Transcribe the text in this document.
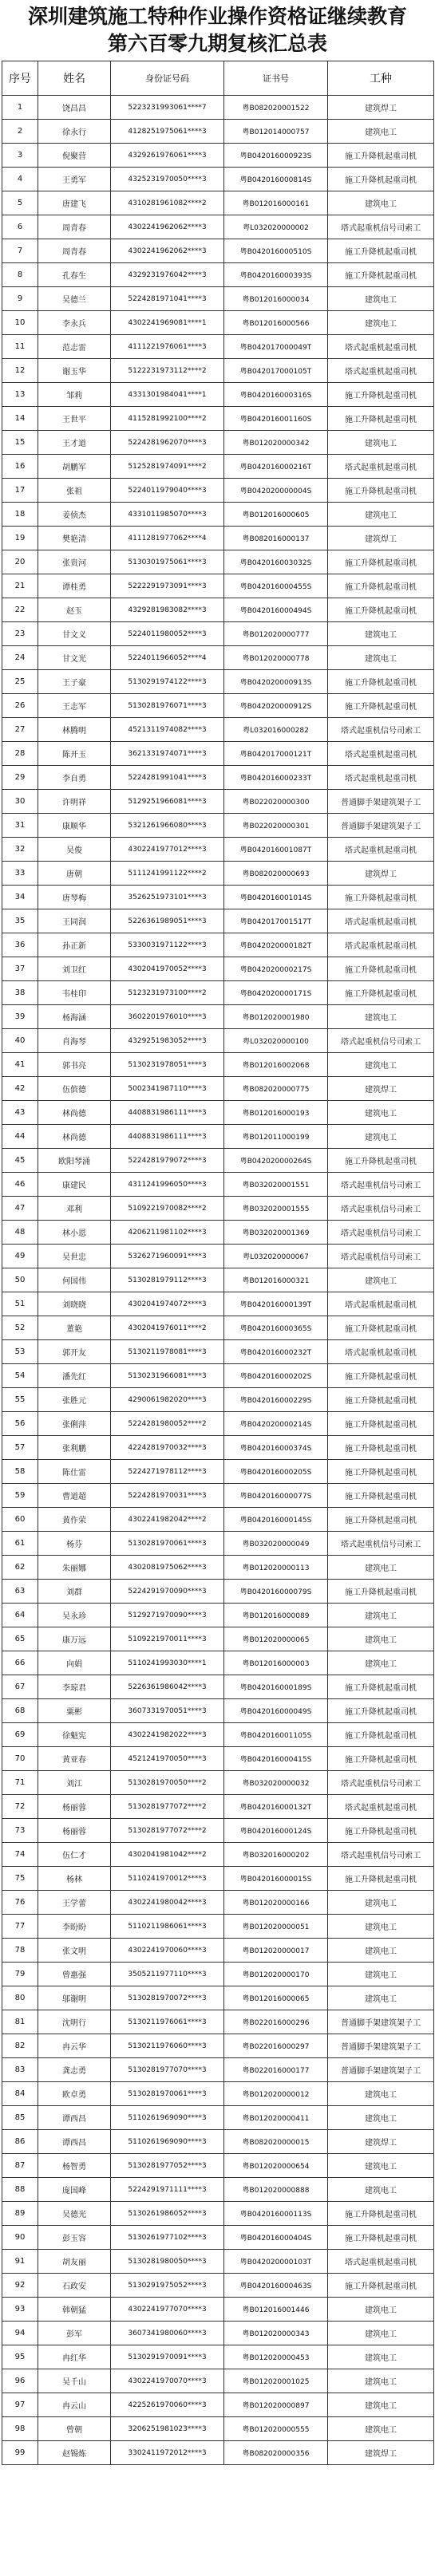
深圳建筑施工特种作业操作资格证继续教育
第六百零九期复核汇总表
序号	姓名	身份证号码	证书号	工种
1	饶昌昌	5223231993061****7	粤B082020001522	建筑焊工
2	徐永行	4128251975061****3	粤B012014000757	建筑电工
3	倪聚营	4329261976061****3	粤B042016000923S	施工升降机起重司机
4	王勇军	4325231970050****3	粤B042016000814S	施工升降机起重司机
5	唐建飞	4310281961082****2	粤B012016000161	建筑电工
6	周青春	4302241962062****3	粤L032020000002	塔式起重机信号司索工
7	周青春	4302241962062****3	粤B042016000510S	施工升降机起重司机
8	孔春生	4329231976042****3	粤B042016000393S	施工升降机起重司机
9	吴德兰	5224281971041****3	粤B012016000034	建筑电工
10	李永兵	4302241969081****1	粤B012016000566	建筑电工
11	范志雷	4111221976061****3	粤B042017000049T	塔式起重机起重司机
12	谢玉华	5122231973112****2	粤B042017000105T	塔式起重机起重司机
13	邹莉	4331301984041****1	粤B042016000316S	施工升降机起重司机
14	王世平	4115281992100****2	粤B042016001160S	施工升降机起重司机
15	王才道	5224281962070****3	粤B012020000342	建筑电工
16	胡鹏军	5125281974091****2	粤B042016000216T	塔式起重机起重司机
17	张祖	5224011979040****3	粤B042020000004S	施工升降机起重司机
18	姜侦杰	4331011985070****3	粤B012016000605	建筑电工
19	樊艳清	4111281977062****4	粤B082016000137	建筑焊工
20	张贵河	5130301975061****3	粤B042016003032S	施工升降机起重司机
21	谭桂勇	5222291973091****3	粤B042016000455S	施工升降机起重司机
22	赵玉	4329281983082****3	粤B042016000494S	施工升降机起重司机
23	甘文义	5224011980052****3	粤B012020000777	建筑电工
24	甘文光	5224011966052****4	粤B012020000778	建筑电工
25	王子豪	5130291974122****3	粤B042020000913S	施工升降机起重司机
26	王志军	5130281976071****3	粤B042020000912S	施工升降机起重司机
27	林腾明	4521311974082****3	粤L032016000282	塔式起重机信号司索工
28	陈开玉	3621331974071****3	粤B042017000121T	塔式起重机起重司机
29	李自勇	5224281991041****3	粤B042016000233T	塔式起重机起重司机
30	许明祥	5129251966081****3	粤B022020000300	普通脚手架建筑架子工
31	康顺华	5321261966080****3	粤B022020000301	普通脚手架建筑架子工
32	吴俊	4302241977012****3	粤B042016001087T	塔式起重机起重司机
33	唐朝	5111241991122****2	粤B082020000693	建筑焊工
34	唐琴梅	3526251973101****3	粤B042016001014S	施工升降机起重司机
35	王同润	5226361989051****3	粤B042017001517T	塔式起重机起重司机
36	孙正新	5330031971122****3	粤B042020000182T	塔式起重机起重司机
37	刘卫红	4302041970052****3	粤B042020000217S	施工升降机起重司机
38	韦桂印	5123231973100****2	粤B042020000171S	施工升降机起重司机
39	杨海涵	3602201976010****3	粤B012020001980	建筑电工
40	肖海琴	4329251983052****3	粤L032020000100	塔式起重机信号司索工
41	郭书亮	5130231978051****3	粤B012016002068	建筑电工
42	伍傧德	5002341987110****3	粤B082020000775	建筑焊工
43	林尚德	4408831986111****3	粤B012016000193	建筑电工
44	林尚德	4408831986111****3	粤B012011000199	建筑电工
45	欧阳琴涌	5224281979072****3	粤B042020000264S	施工升降机起重司机
46	康建民	4311241996050****3	粤B032020001551	塔式起重机信号司索工
47	邓利	5109221970082****2	粤B032020001555	塔式起重机信号司索工
48	林小恩	4206211981102****3	粤B032020001369	塔式起重机信号司索工
49	吴世忠	5326271960091****3	粤L032020000067	塔式起重机信号司索工
50	何国伟	5130281979112****3	粤B012016000321	建筑电工
51	刘晓晓	4302041974072****3	粤B042016000139T	塔式起重机起重司机
52	董艳	4302041976011****2	粤B042016000365S	施工升降机起重司机
53	郭开友	5130211978081****3	粤B042016000232T	塔式起重机起重司机
54	潘先红	5130231966081****3	粤B042016000202S	施工升降机起重司机
55	张胜元	4290061982020****3	粤B042016000229S	施工升降机起重司机
56	张俐萍	5224281980052****2	粤B042020000214S	施工升降机起重司机
57	张利鹏	4224281970032****3	粤B042016000374S	施工升降机起重司机
58	陈仕雷	5224271978112****3	粤B042016000205S	施工升降机起重司机
59	曹道超	5224281970031****3	粤B042016000077S	施工升降机起重司机
60	黄作荣	4302241982042****2	粤B042016000145S	施工升降机起重司机
61	杨芬	5130281970061****3	粤B032020000049	塔式起重机信号司索工
62	朱丽娜	4302081975062****3	粤B012020000113	建筑电工
63	刘群	5224291970090****3	粤B042016000079S	施工升降机起重司机
64	吴永珍	5129271970090****3	粤B012016000089	建筑电工
65	康万远	5109221970011****3	粤B012020000065	建筑电工
66	向娟	5110241993030****1	粤B012016000003	建筑电工
67	李琼君	5226361986042****3	粤B042016000189S	施工升降机起重司机
68	粟彬	3607331970051****3	粤B042016000049S	施工升降机起重司机
69	徐魁宪	4302241982022****3	粤B042016001105S	施工升降机起重司机
70	黄亚春	4521241970050****3	粤B042016000415S	施工升降机起重司机
71	刘江	5130281970050****2	粤B032020000032	塔式起重机信号司索工
72	杨丽蓉	5130281977072****2	粤B042016000132T	塔式起重机起重司机
73	杨丽蓉	5130281977072****2	粤B042016000124S	施工升降机起重司机
74	伍仁才	4302041981042****2	粤B032016000202	塔式起重机信号司索工
75	杨林	5110241970012****3	粤B042016000015S	施工升降机起重司机
76	王学蕾	4302241980042****3	粤B012020000166	建筑电工
77	李盼盼	5110211986061****3	粤B012020000051	建筑电工
78	张文明	4302241970060****3	粤B012020000017	建筑电工
79	曾惠强	3505211977110****3	粤B012020000170	建筑电工
80	邬谢明	5130281970072****3	粤B012016000065	建筑电工
81	沈明行	5130211976061****3	粤B022016000296	普通脚手架建筑架子工
82	冉云华	5130211976060****3	粤B022016000297	普通脚手架建筑架子工
83	龚志勇	5130281977070****3	粤B022016000177	普通脚手架建筑架子工
84	欧卓勇	5130281970061****3	粤B012020000012	建筑电工
85	谭西昌	5110261969090****3	粤B012020000411	建筑电工
86	谭西昌	5110261969090****3	粤B082020000015	建筑焊工
87	杨智勇	5130281977052****3	粤B012020000654	建筑电工
88	庞国峰	5224291971111****3	粤B012020000888	建筑电工
89	吴德光	5130261986052****3	粤B042016000113S	施工升降机起重司机
90	彭玉容	5130261977102****3	粤B042016000404S	施工升降机起重司机
91	胡友丽	5130281980050****3	粤B042020000103T	塔式起重机起重司机
92	石政安	5130291975052****3	粤B042016000463S	施工升降机起重司机
93	韩朝猛	4302241977070****3	粤B012016001446	建筑电工
94	彭军	3607341980060****3	粤B012020000343	建筑电工
95	冉红华	5130291970091****3	粤B012020000453	建筑电工
96	吴千山	4302241970070****3	粤B012020001025	建筑电工
97	冉云山	4225261970060****3	粤B012020000897	建筑电工
98	曾朝	3206251981023****3	粤B012020000555	建筑电工
99	赵锡炼	3302411972012****3	粤B082020000356	建筑焊工
